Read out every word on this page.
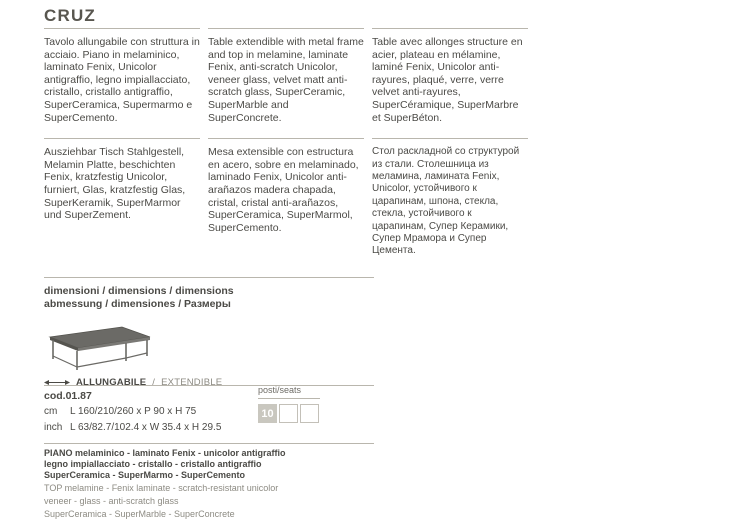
CRUZ

Tavolo allungabile con struttura in acciaio. Piano in melaminico, laminato Fenix, Unicolor antigraffio, legno impiallacciato, cristallo, cristallo antigraffio, SuperCeramica, Supermarmo e SuperCemento.

Table extendible with metal frame and top in melamine, laminate Fenix, anti-scratch Unicolor, veneer glass, velvet matt anti-scratch glass, SuperCeramic, SuperMarble and SuperConcrete.

Table avec allonges structure en acier, plateau en mélamine, laminé Fenix, Unicolor anti-rayures, plaqué, verre, verre velvet anti-rayures, SuperCéramique, SuperMarbre et SuperBéton.

Ausziehbar Tisch Stahlgestell, Melamin Platte, beschichten Fenix, kratzfestig Unicolor, furniert, Glas, kratzfestig Glas, SuperKeramik, SuperMarmor und SuperZement.

Mesa extensible con estructura en acero, sobre en melaminado, laminado Fenix, Unicolor anti-arañazos madera chapada, cristal, cristal anti-arañazos, SuperCeramica, SuperMarmol, SuperCemento.

Стол раскладной со структурой из стали. Столешница из меламина, ламината Fenix, Unicolor, устойчивого к царапинам, шпона, стекла, стекла, устойчивого к царапинам, Супер Керамики, Супер Мрамора и Супер Цемента.

dimensioni / dimensions / dimensions
abmessung / dimensiones / Размеры
ALLUNGABILE / EXTENDIBLE
cod.01.87
cm	L 160/210/260 x P 90 x H 75
inch L 63/82.7/102.4 x W 35.4 x H 29.5
PIANO melaminico - laminato Fenix - unicolor antigraffio
legno impiallacciato - cristallo - cristallo antigraffio
SuperCeramica - SuperMarmo - SuperCemento
TOP melamine - Fenix laminate - scratch-resistant unicolor
veneer - glass - anti-scratch glass
SuperCeramica - SuperMarble - SuperConcrete
posti/seats
10
